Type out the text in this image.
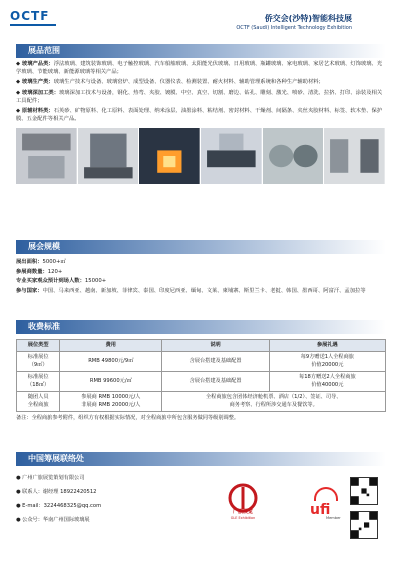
OCTF	侨交会(沙特)智能科技展
OCTF (Saudi) Intelligent Technology Exhibition
展品范围
◆ 玻璃产品类：浮法玻璃、建筑装饰玻璃、电子触控玻璃、汽车船舶玻璃、太阳能光伏玻璃、日用玻璃、瓶罐玻璃、家电玻璃、家居艺术玻璃、灯饰玻璃、光学玻璃、节能玻璃、新能源玻璃等相关产品；
◆ 玻璃生产类：玻璃生产技术与设备、玻璃窑炉、成型设备、仪器仪表、检测装置、耐火材料、辅助管理系统和各种生产辅助材料；
◆ 玻璃深加工类：玻璃深加工技术与设备，钢化、热弯、夹胶、镀膜、中空、真空、切割、磨边、钻孔、雕刻、激光、喷砂、清洗、拉挤、打印、涂装及相关工具配件；
◆ 原辅材料类：石英砂、矿物原料、化工原料、表面处理、纳米涂层、油墨涂料、粘结剂、密封材料、干燥剂、间隔条、夹丝夹胶材料、标签、软木垫、保护膜、五金配件等相关产品。
展会规模
展出面积：5000+㎡
参展商数量：120+
专业买家观众预计到场人数：15000+
参与国家：中国、马来西亚、越南、新加坡、菲律宾、泰国、印度尼西亚、缅甸、文莱、柬埔寨、斯里兰卡、老挝、韩国、墨西哥、阿富汗、孟加拉等
收费标准
展位类型	费用	说明	参展礼遇
标准展位
（9㎡）	RMB 49800元/9㎡	含展台搭建及基础配置	每9方赠送1人全程商旅
价值20000元
标准展位
（18㎡）	RMB 99600元/㎡	含展台搭建及基础配置	每18方赠送2人全程商旅
价值40000元
随团人员
全程商旅	参展商 RMB 10000元/人
非展商 RMB 20000元/人	全程商旅包含团体经济舱机票、酒店（1/2）、签证、司导、
商务考察、行程所涉交通车及餐饮等。	
备注：全程商旅参考附件，组织方有权根据实际情况，对全程商旅中所包含服务做同等级别调整。
中国筹展联络处
● 广州广旅展览策划有限公司
● 联系人：谢经理 18922420512
● E-mail：3224468325@qq.com
● 公众号：华南广州国际玻璃展
广旅展览
GLE Exhibition	ufi
Member
